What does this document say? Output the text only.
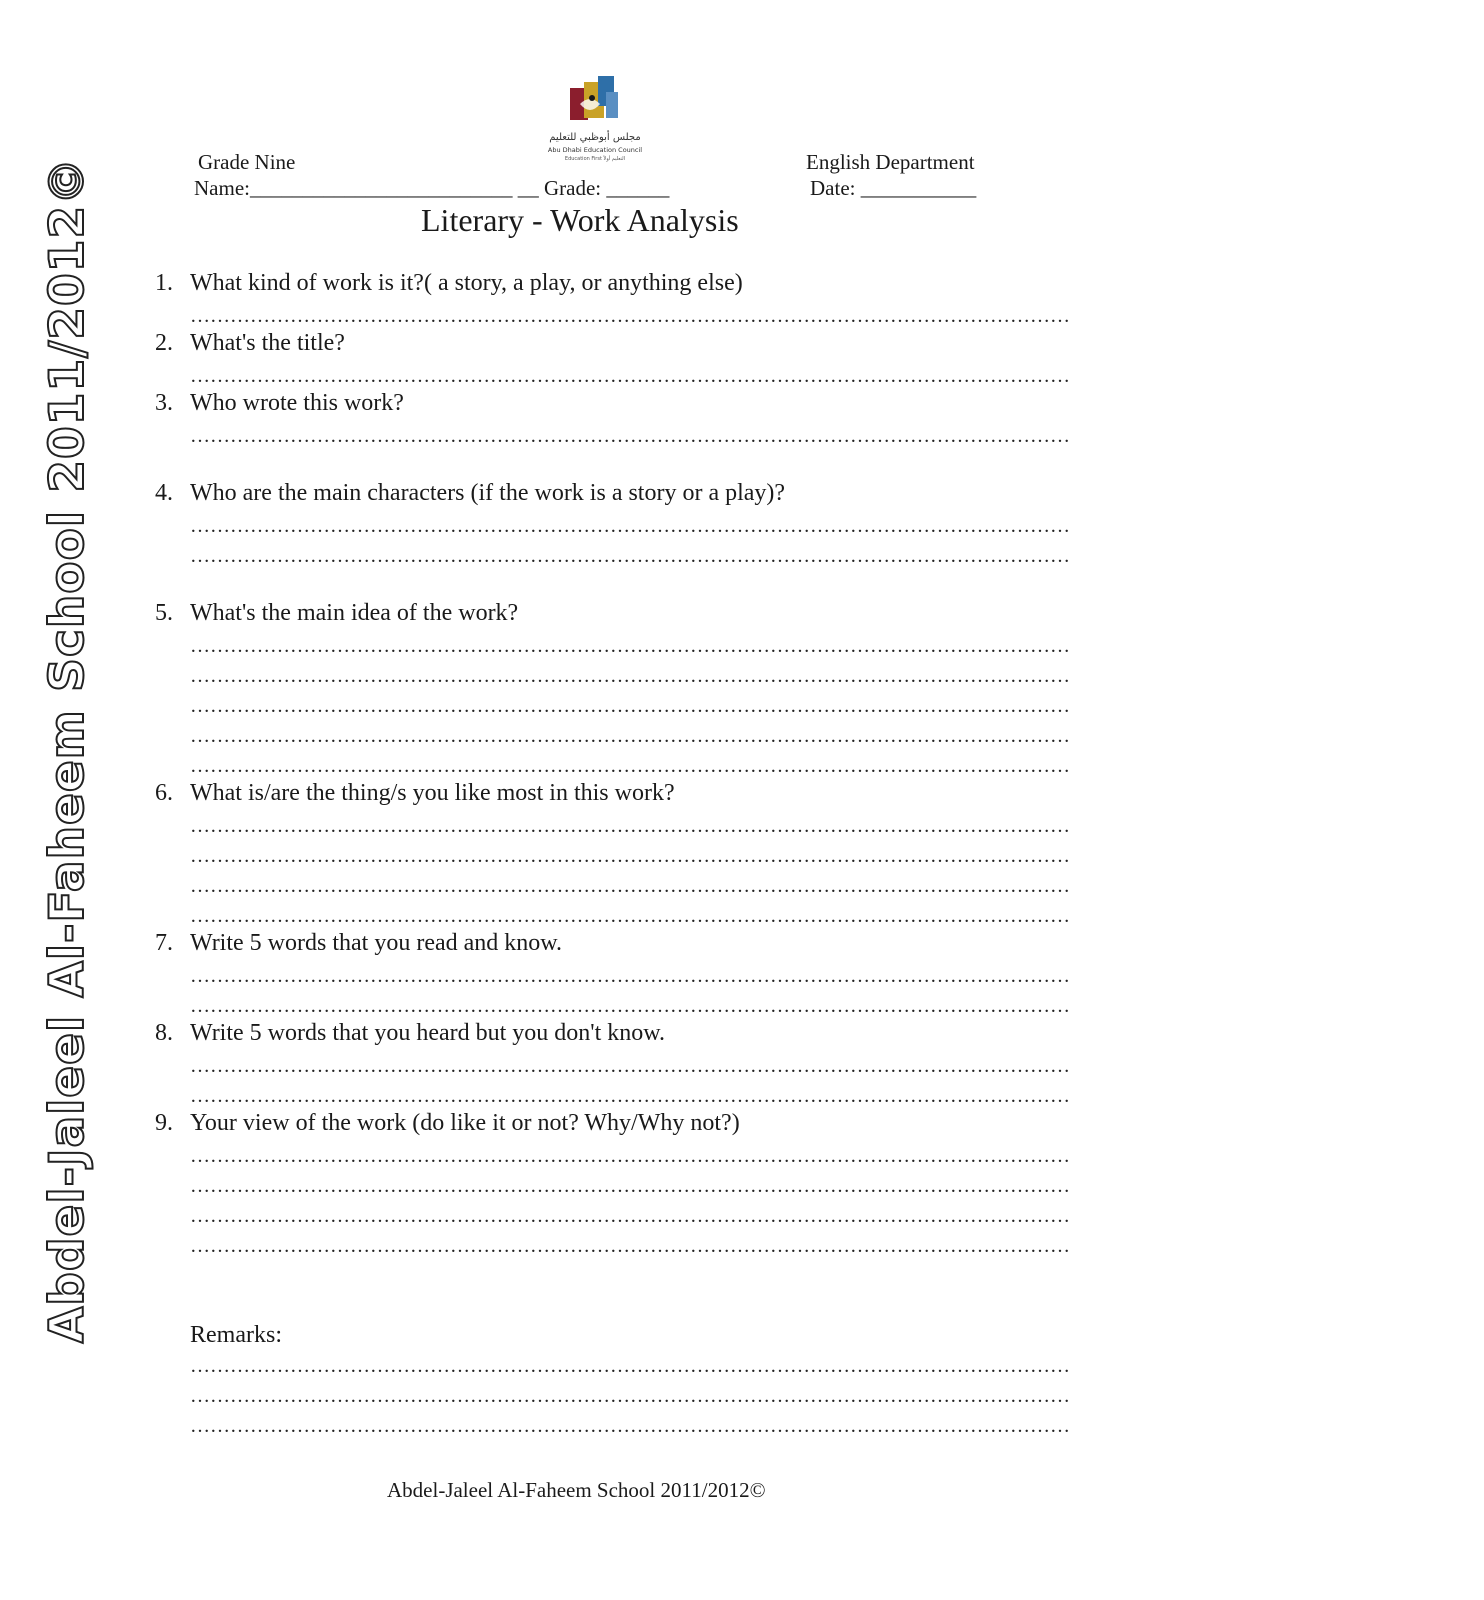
Abdel-Jaleel Al-Faheem School 2011/2012©
مجلس أبوظبي للتعليم
Abu Dhabi Education Council
Education First التعليم أولاً
Grade Nine	English Department
Name:_________________________ __ Grade: ______	Date: ___________
Literary - Work Analysis
1. What kind of work is it?( a story, a play, or anything else)
2. What's the title?
3. Who wrote this work?
4. Who are the main characters (if the work is a story or a play)?
5. What's the main idea of the work?
6. What is/are the thing/s you like most in this work?
7. Write 5 words that you read and know.
8. Write 5 words that you heard but you don't know.
9. Your view of the work (do like it or not? Why/Why not?)
Remarks:
……………………………………………………………………………………………………………………
……………………………………………………………………………………………………………………
……………………………………………………………………………………………………………………
……………………………………………………………………………………………………………………
……………………………………………………………………………………………………………………
……………………………………………………………………………………………………………………
……………………………………………………………………………………………………………………
……………………………………………………………………………………………………………………
……………………………………………………………………………………………………………………
……………………………………………………………………………………………………………………
……………………………………………………………………………………………………………………
……………………………………………………………………………………………………………………
……………………………………………………………………………………………………………………
……………………………………………………………………………………………………………………
……………………………………………………………………………………………………………………
……………………………………………………………………………………………………………………
……………………………………………………………………………………………………………………
……………………………………………………………………………………………………………………
……………………………………………………………………………………………………………………
……………………………………………………………………………………………………………………
……………………………………………………………………………………………………………………
……………………………………………………………………………………………………………………
……………………………………………………………………………………………………………………
……………………………………………………………………………………………………………………
……………………………………………………………………………………………………………………
Abdel-Jaleel Al-Faheem School 2011/2012©
